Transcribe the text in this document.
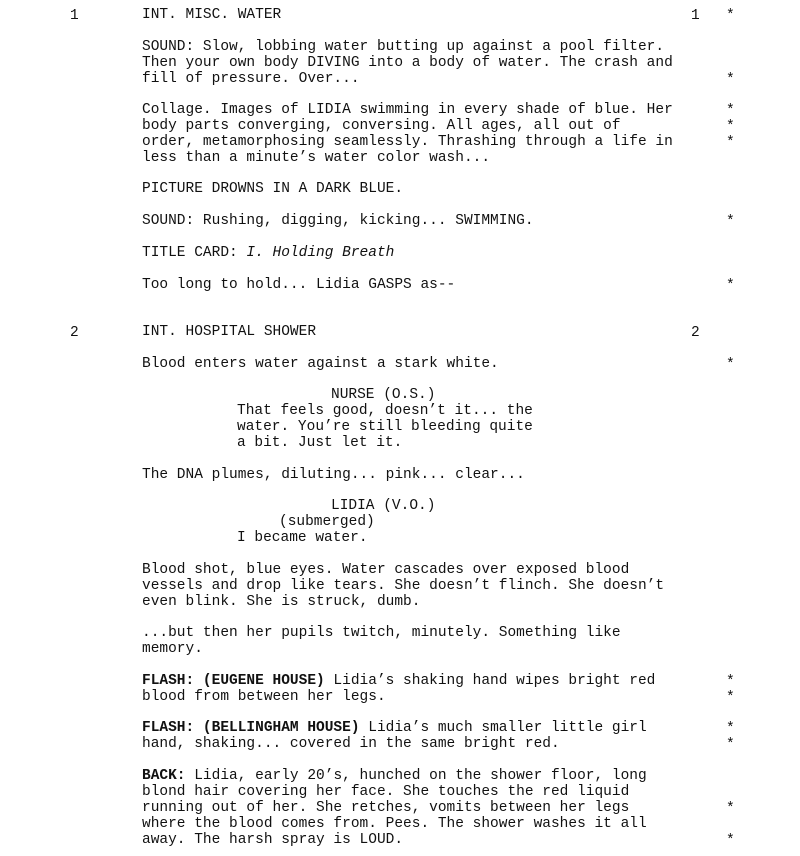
1	INT. MISC. WATER	1 *
SOUND: Slow, lobbing water butting up against a pool filter.
Then your own body DIVING into a body of water. The crash and
fill of pressure. Over...	*
Collage. Images of LIDIA swimming in every shade of blue. Her	*
body parts converging, conversing. All ages, all out of	*
order, metamorphosing seamlessly. Thrashing through a life in	*
less than a minute’s water color wash...
PICTURE DROWNS IN A DARK BLUE.
SOUND: Rushing, digging, kicking... SWIMMING.	*
TITLE CARD: I. Holding Breath
Too long to hold... Lidia GASPS as--	*
2	INT. HOSPITAL SHOWER	2
Blood enters water against a stark white.	*
NURSE (O.S.)
That feels good, doesn’t it... the
water. You’re still bleeding quite
a bit. Just let it.
The DNA plumes, diluting... pink... clear...
LIDIA (V.O.)
(submerged)
I became water.
Blood shot, blue eyes. Water cascades over exposed blood
vessels and drop like tears. She doesn’t flinch. She doesn’t
even blink. She is struck, dumb.
...but then her pupils twitch, minutely. Something like
memory.
FLASH: (EUGENE HOUSE) Lidia’s shaking hand wipes bright red	*
blood from between her legs.	*
FLASH: (BELLINGHAM HOUSE) Lidia’s much smaller little girl	*
hand, shaking... covered in the same bright red.	*
BACK: Lidia, early 20’s, hunched on the shower floor, long
blond hair covering her face. She touches the red liquid
running out of her. She retches, vomits between her legs	*
where the blood comes from. Pees. The shower washes it all
away. The harsh spray is LOUD.	*
